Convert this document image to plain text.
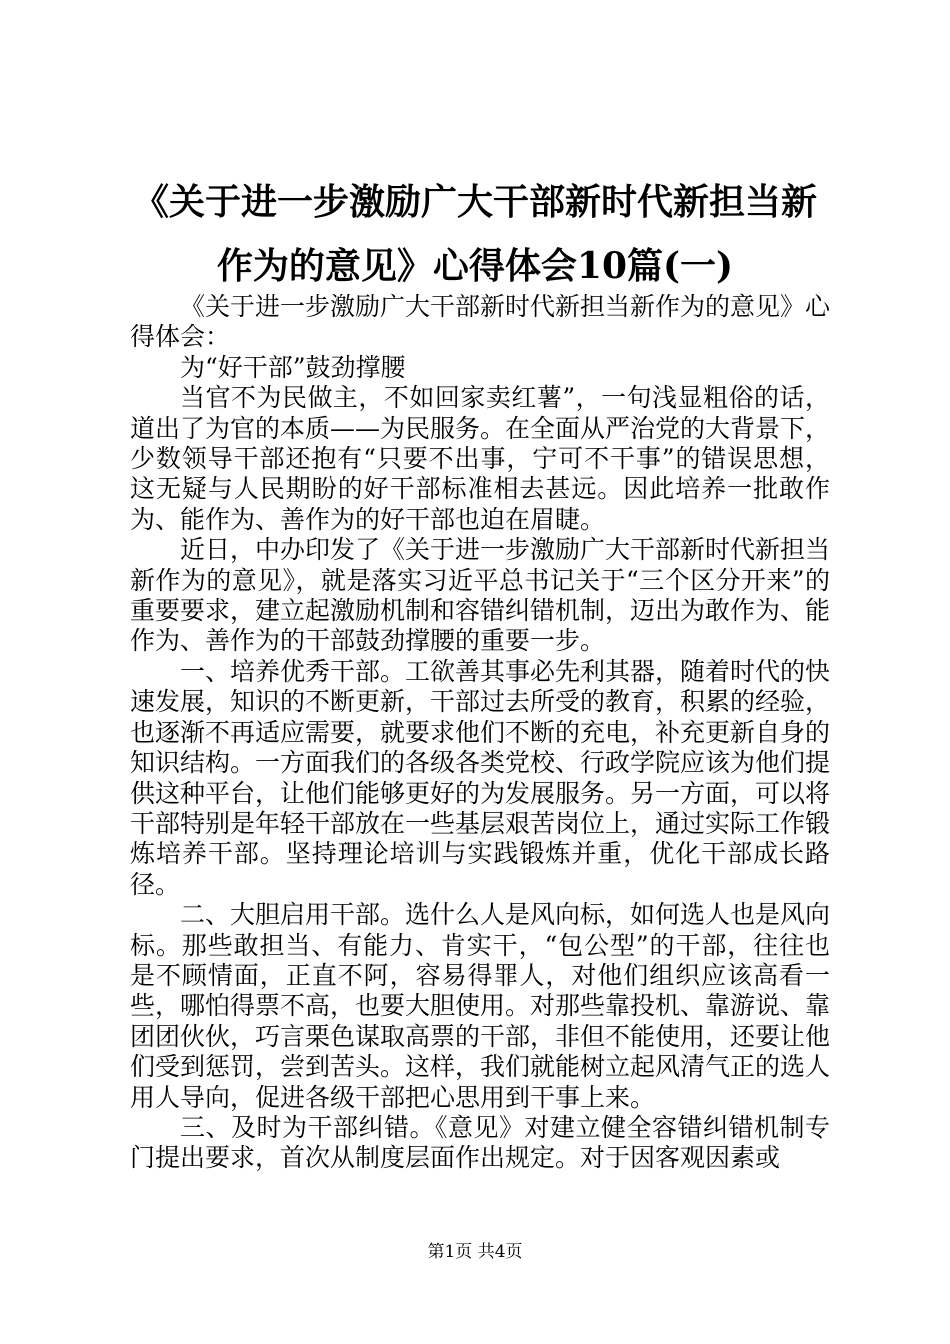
《关于进一步激励广大干部新时代新担当新作为的意见》心得体会10篇(一)

《关于进一步激励广大干部新时代新担当新作为的意见》心得体会：

为“好干部”鼓劲撑腰

当官不为民做主，不如回家卖红薯”，一句浅显粗俗的话，道出了为官的本质——为民服务。在全面从严治党的大背景下，少数领导干部还抱有“只要不出事，宁可不干事”的错误思想，这无疑与人民期盼的好干部标准相去甚远。因此培养一批敢作为、能作为、善作为的好干部也迫在眉睫。

近日，中办印发了《关于进一步激励广大干部新时代新担当新作为的意见》，就是落实习近平总书记关于“三个区分开来”的重要要求，建立起激励机制和容错纠错机制，迈出为敢作为、能作为、善作为的干部鼓劲撑腰的重要一步。

一、培养优秀干部。工欲善其事必先利其器，随着时代的快速发展，知识的不断更新，干部过去所受的教育，积累的经验，也逐渐不再适应需要，就要求他们不断的充电，补充更新自身的知识结构。一方面我们的各级各类党校、行政学院应该为他们提供这种平台，让他们能够更好的为发展服务。另一方面，可以将干部特别是年轻干部放在一些基层艰苦岗位上，通过实际工作锻炼培养干部。坚持理论培训与实践锻炼并重，优化干部成长路径。

二、大胆启用干部。选什么人是风向标，如何选人也是风向标。那些敢担当、有能力、肯实干，“包公型”的干部，往往也是不顾情面，正直不阿，容易得罪人，对他们组织应该高看一些，哪怕得票不高，也要大胆使用。对那些靠投机、靠游说、靠团团伙伙，巧言栗色谋取高票的干部，非但不能使用，还要让他们受到惩罚，尝到苦头。这样，我们就能树立起风清气正的选人用人导向，促进各级干部把心思用到干事上来。

三、及时为干部纠错。《意见》对建立健全容错纠错机制专门提出要求，首次从制度层面作出规定。对于因客观因素或

第1页 共4页
